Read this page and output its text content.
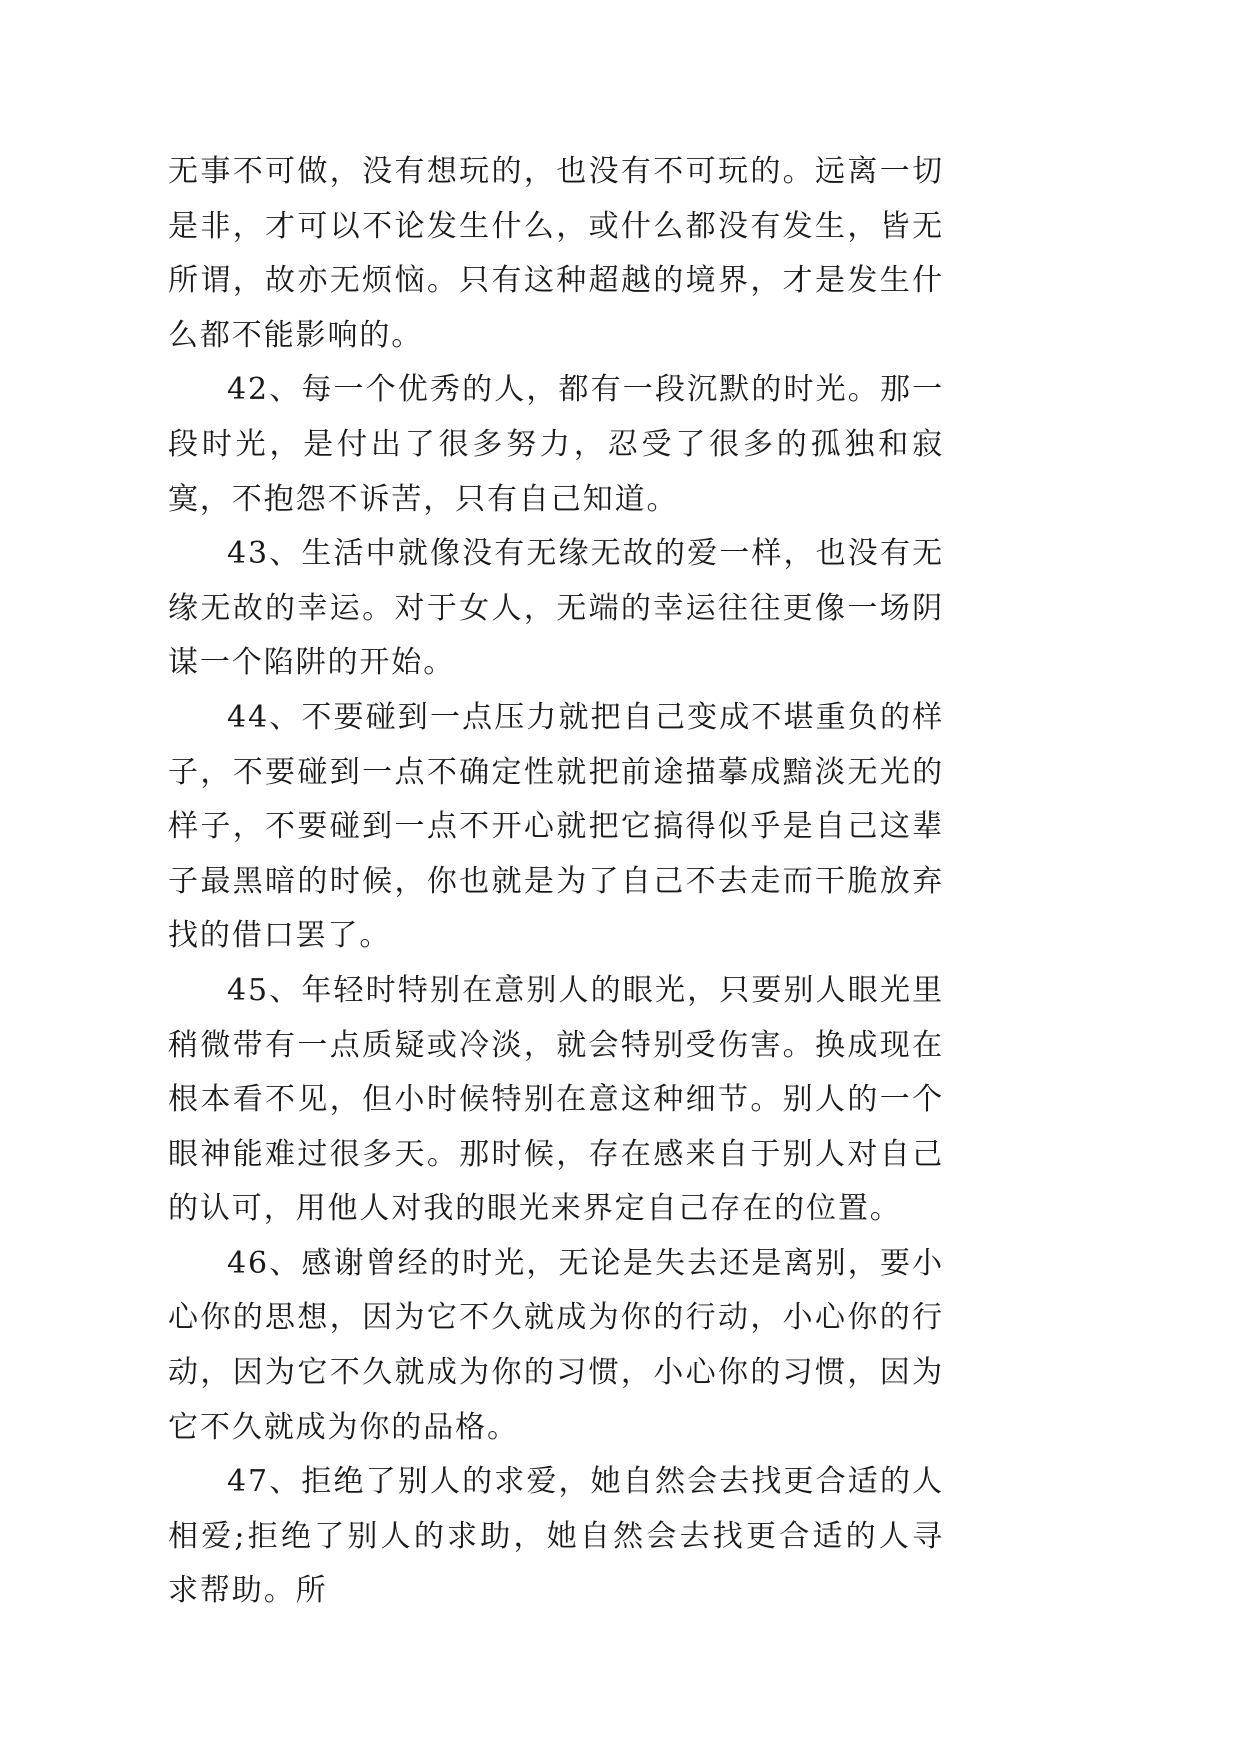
无事不可做，没有想玩的，也没有不可玩的。远离一切是非，才可以不论发生什么，或什么都没有发生，皆无所谓，故亦无烦恼。只有这种超越的境界，才是发生什么都不能影响的。

42、每一个优秀的人，都有一段沉默的时光。那一段时光，是付出了很多努力，忍受了很多的孤独和寂寞，不抱怨不诉苦，只有自己知道。

43、生活中就像没有无缘无故的爱一样，也没有无缘无故的幸运。对于女人，无端的幸运往往更像一场阴谋一个陷阱的开始。

44、不要碰到一点压力就把自己变成不堪重负的样子，不要碰到一点不确定性就把前途描摹成黯淡无光的样子，不要碰到一点不开心就把它搞得似乎是自己这辈子最黑暗的时候，你也就是为了自己不去走而干脆放弃找的借口罢了。

45、年轻时特别在意别人的眼光，只要别人眼光里稍微带有一点质疑或冷淡，就会特别受伤害。换成现在根本看不见，但小时候特别在意这种细节。别人的一个眼神能难过很多天。那时候，存在感来自于别人对自己的认可，用他人对我的眼光来界定自己存在的位置。

46、感谢曾经的时光，无论是失去还是离别，要小心你的思想，因为它不久就成为你的行动，小心你的行动，因为它不久就成为你的习惯，小心你的习惯，因为它不久就成为你的品格。

47、拒绝了别人的求爱，她自然会去找更合适的人相爱;拒绝了别人的求助，她自然会去找更合适的人寻求帮助。所
